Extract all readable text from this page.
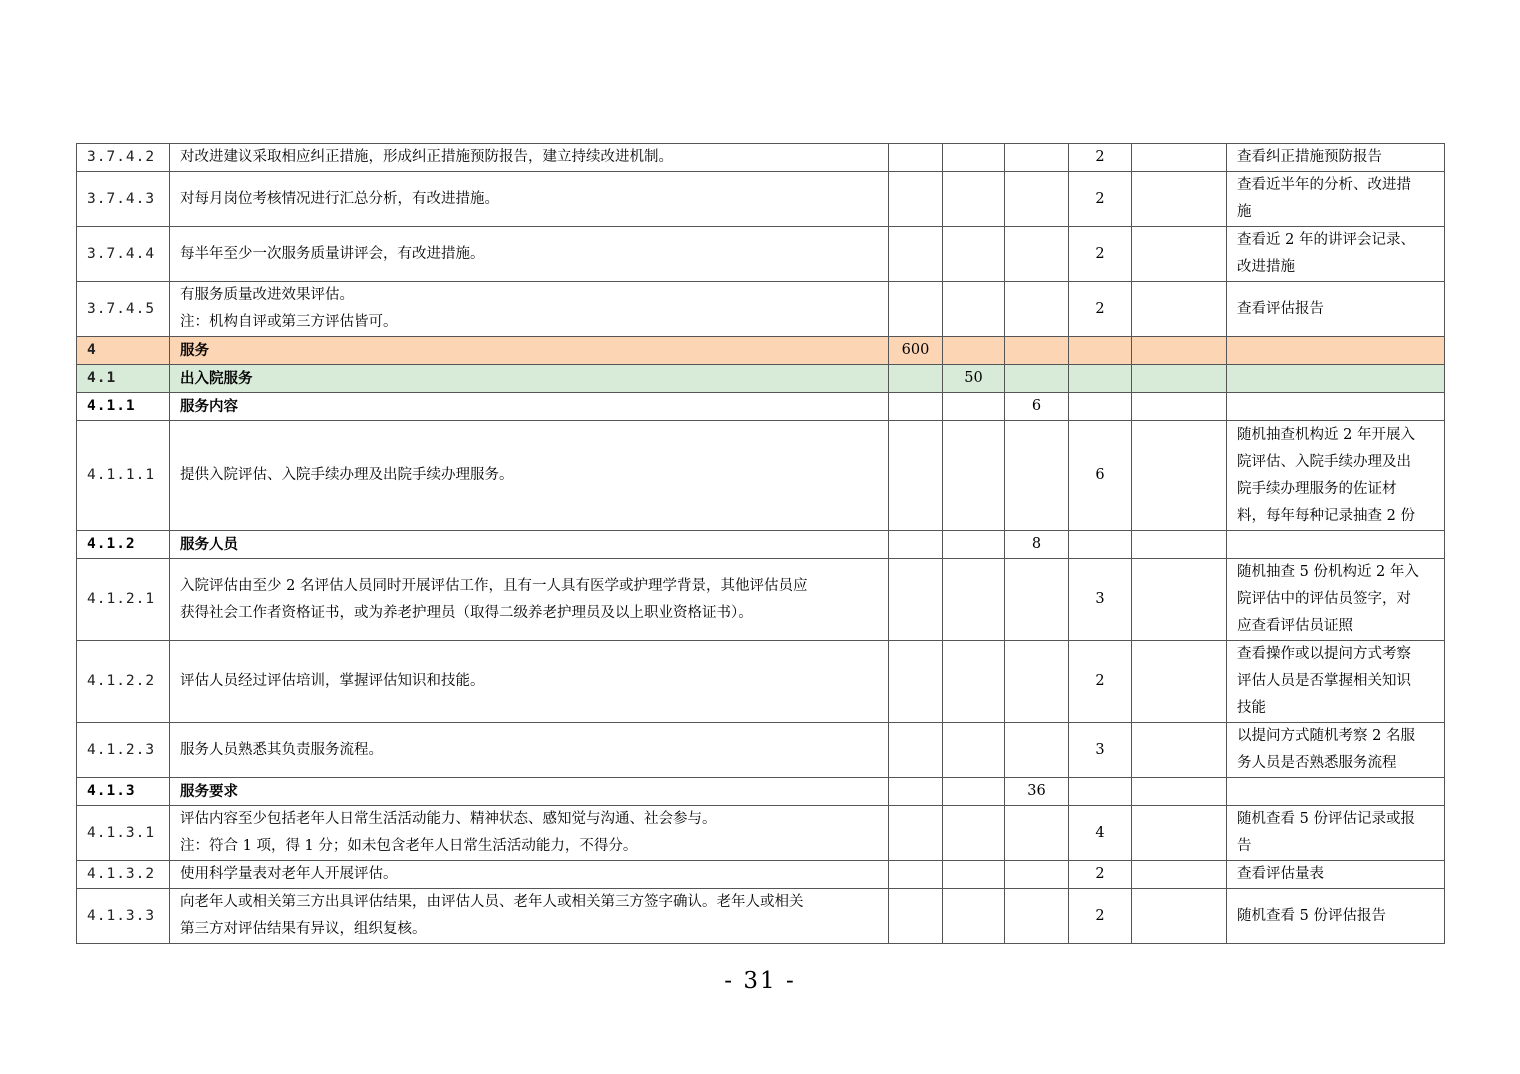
3.7.4.2	对改进建议采取相应纠正措施，形成纠正措施预防报告，建立持续改进机制。				2		查看纠正措施预防报告

3.7.4.3	对每月岗位考核情况进行汇总分析，有改进措施。				2		查看近半年的分析、改进措
施

3.7.4.4	每半年至少一次服务质量讲评会，有改进措施。				2		查看近 2 年的讲评会记录、
改进措施

3.7.4.5	有服务质量改进效果评估。
注：机构自评或第三方评估皆可。				2		查看评估报告

4	服务	600					

4.1	出入院服务		50				

4.1.1	服务内容			6			

4.1.1.1	提供入院评估、入院手续办理及出院手续办理服务。				6		随机抽查机构近 2 年开展入
院评估、入院手续办理及出
院手续办理服务的佐证材
料，每年每种记录抽查 2 份

4.1.2	服务人员			8			

4.1.2.1	入院评估由至少 2 名评估人员同时开展评估工作，且有一人具有医学或护理学背景，其他评估员应
获得社会工作者资格证书，或为养老护理员（取得二级养老护理员及以上职业资格证书）。				3		随机抽查 5 份机构近 2 年入
院评估中的评估员签字，对
应查看评估员证照

4.1.2.2	评估人员经过评估培训，掌握评估知识和技能。				2		查看操作或以提问方式考察
评估人员是否掌握相关知识
技能

4.1.2.3	服务人员熟悉其负责服务流程。				3		以提问方式随机考察 2 名服
务人员是否熟悉服务流程

4.1.3	服务要求			36			

4.1.3.1	评估内容至少包括老年人日常生活活动能力、精神状态、感知觉与沟通、社会参与。
注：符合 1 项，得 1 分；如未包含老年人日常生活活动能力，不得分。				4		随机查看 5 份评估记录或报
告

4.1.3.2	使用科学量表对老年人开展评估。				2		查看评估量表

4.1.3.3	向老年人或相关第三方出具评估结果，由评估人员、老年人或相关第三方签字确认。老年人或相关
第三方对评估结果有异议，组织复核。				2		随机查看 5 份评估报告
- 31 -
